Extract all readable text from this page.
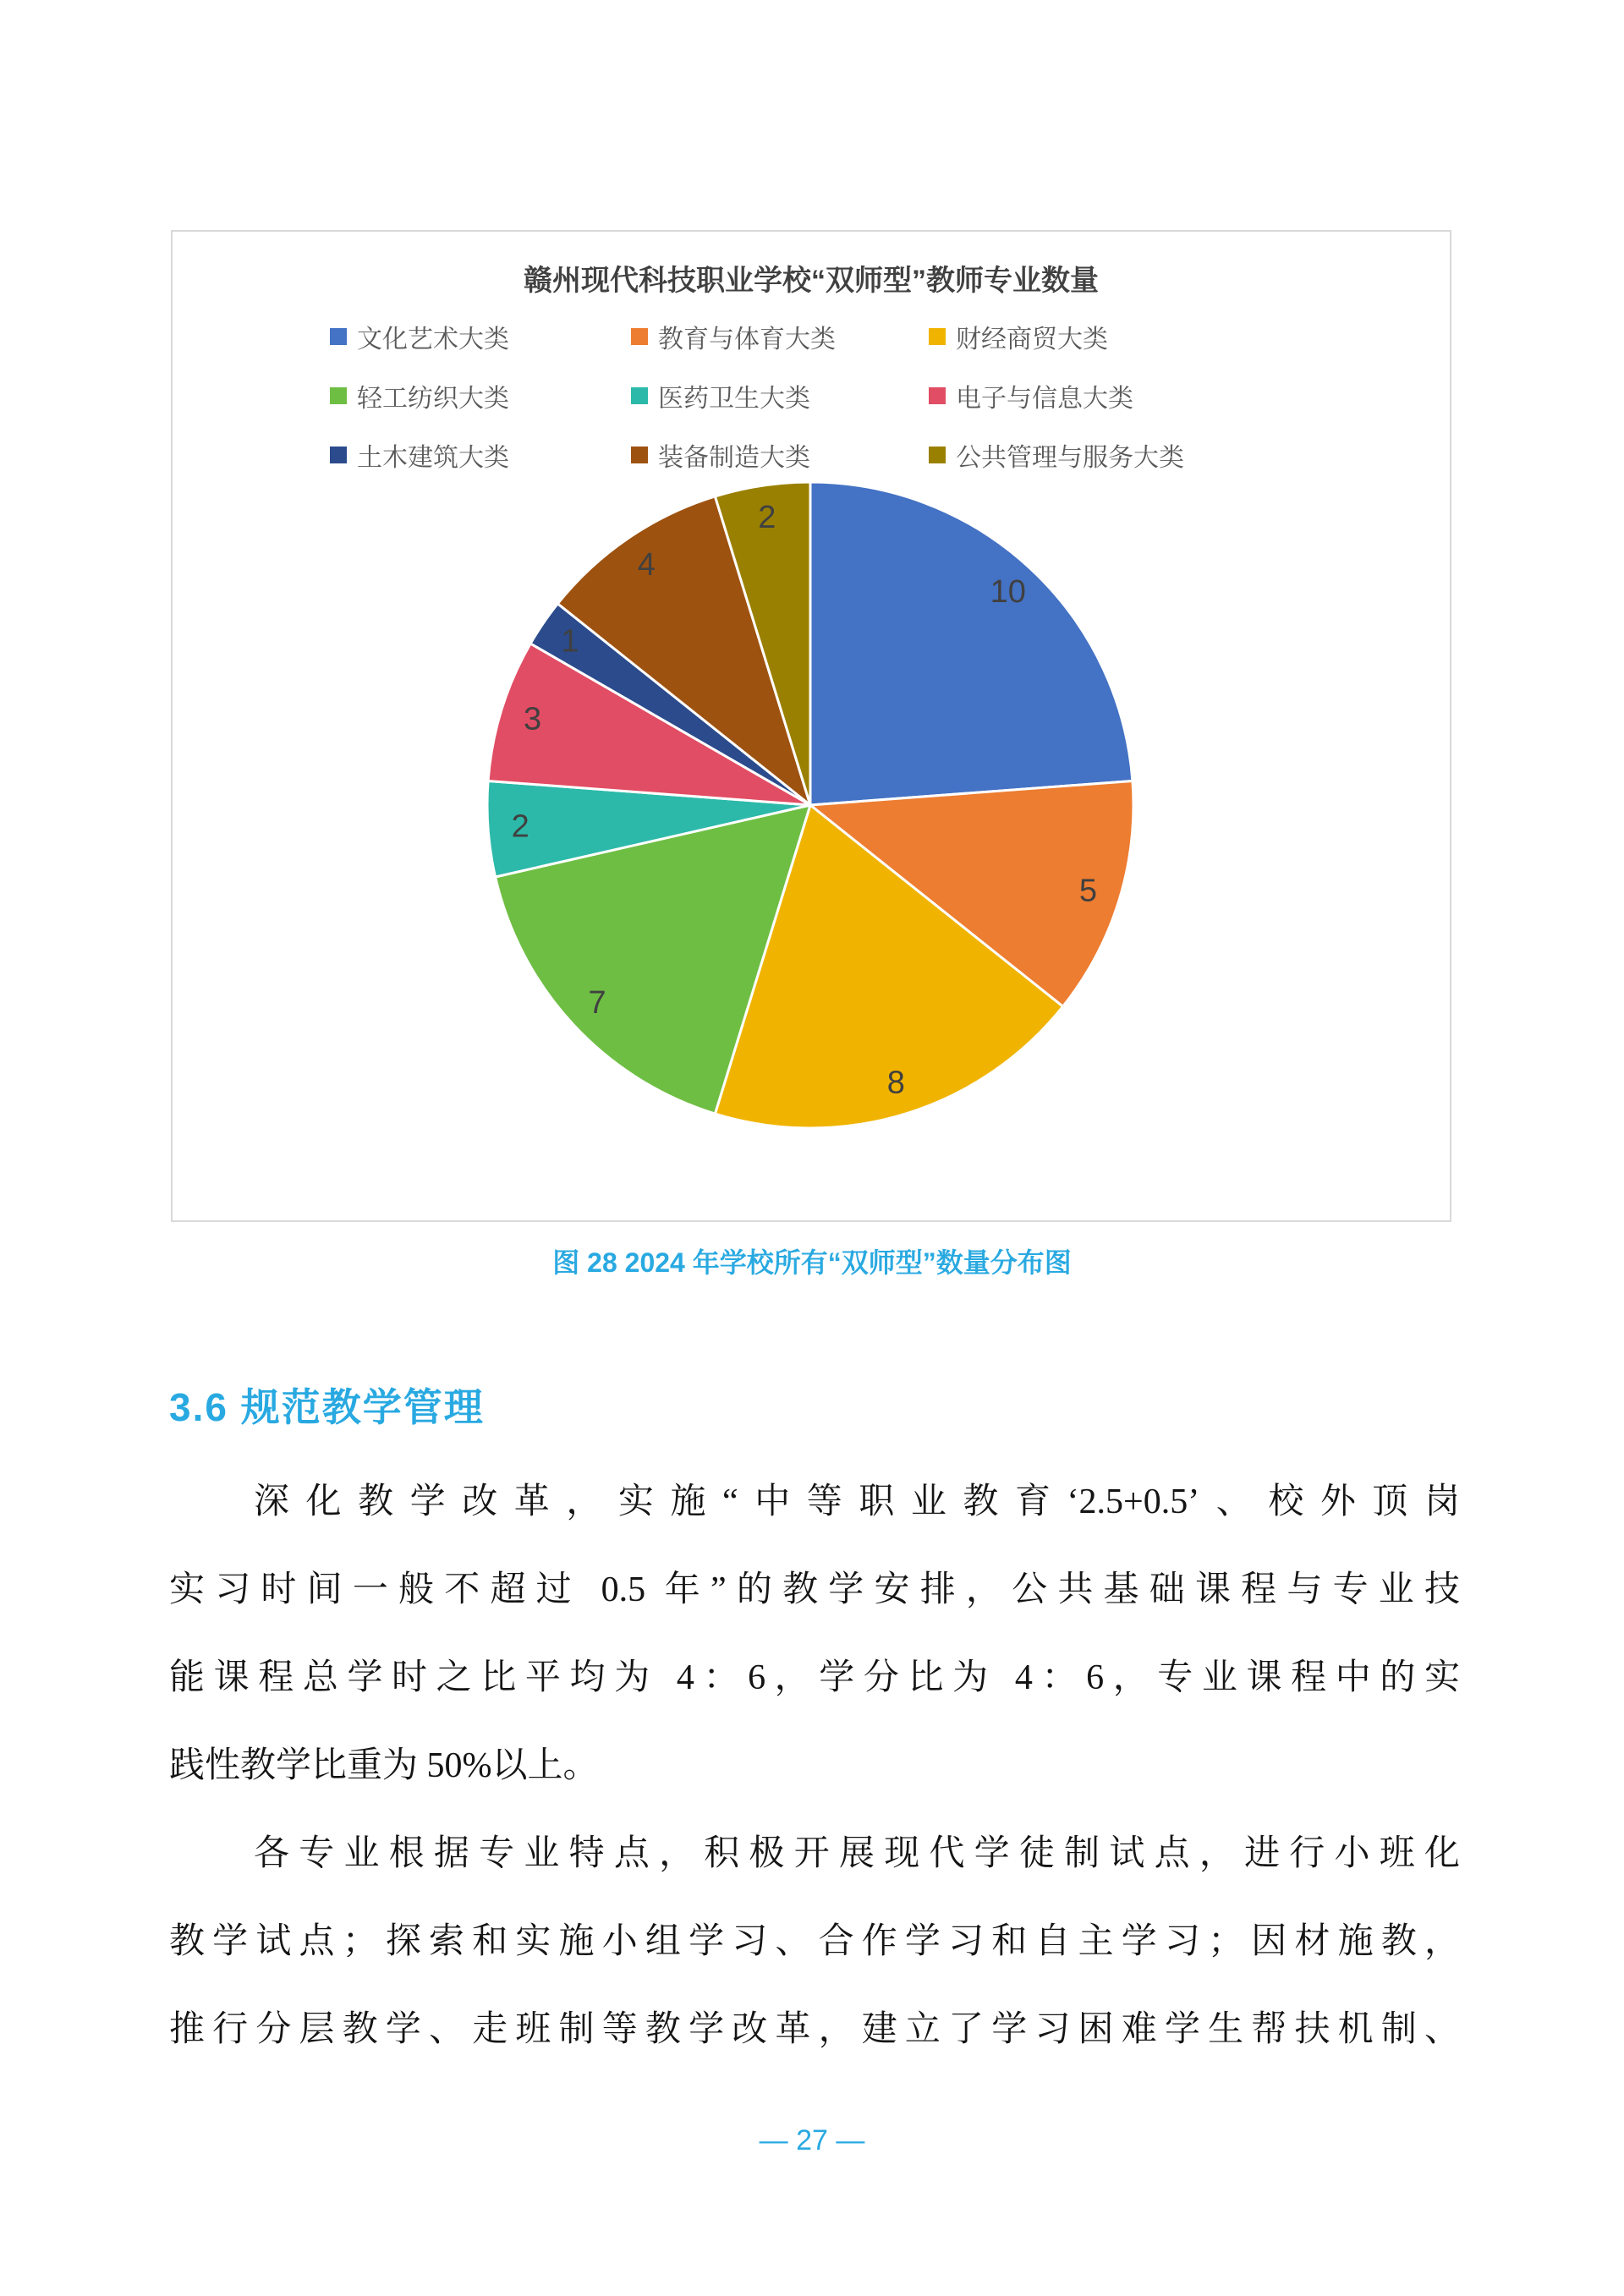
赣州现代科技职业学校“双师型”教师专业数量
文化艺术大类	教育与体育大类	财经商贸大类
轻工纺织大类	医药卫生大类	电子与信息大类
土木建筑大类	装备制造大类	公共管理与服务大类
10
5
8
7
2
3
1
4
2
图 28 2024 年学校所有“双师型”数量分布图
3.6 规范教学管理
深化教学改革，实施“中等职业教育‘2.5+0.5’、校外顶岗
实习时间一般不超过 0.5 年”的教学安排，公共基础课程与专业技
能课程总学时之比平均为 4：6，学分比为 4：6，专业课程中的实
践性教学比重为 50%以上。
各专业根据专业特点，积极开展现代学徒制试点，进行小班化
教学试点；探索和实施小组学习、合作学习和自主学习；因材施教，
推行分层教学、走班制等教学改革，建立了学习困难学生帮扶机制、
— 27 —
